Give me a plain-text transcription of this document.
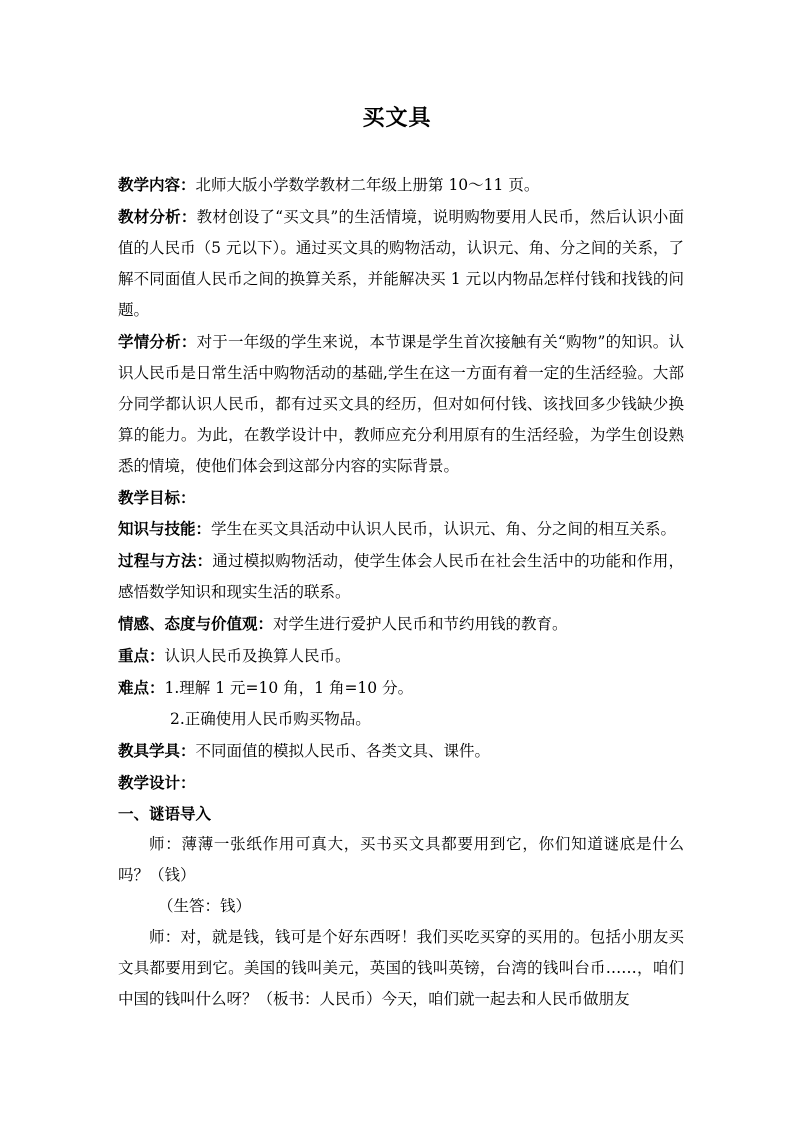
买文具

教学内容：北师大版小学数学教材二年级上册第 10～11 页。

教材分析：教材创设了“买文具”的生活情境，说明购物要用人民币，然后认识小面值的人民币（5 元以下）。通过买文具的购物活动，认识元、角、分之间的关系，了解不同面值人民币之间的换算关系，并能解决买 1 元以内物品怎样付钱和找钱的问题。

学情分析：对于一年级的学生来说，本节课是学生首次接触有关“购物”的知识。认识人民币是日常生活中购物活动的基础,学生在这一方面有着一定的生活经验。大部分同学都认识人民币，都有过买文具的经历，但对如何付钱、该找回多少钱缺少换算的能力。为此，在教学设计中，教师应充分利用原有的生活经验，为学生创设熟悉的情境，使他们体会到这部分内容的实际背景。

教学目标：

知识与技能：学生在买文具活动中认识人民币，认识元、角、分之间的相互关系。

过程与方法：通过模拟购物活动，使学生体会人民币在社会生活中的功能和作用，感悟数学知识和现实生活的联系。

情感、态度与价值观：对学生进行爱护人民币和节约用钱的教育。

重点：认识人民币及换算人民币。

难点：1.理解 1 元=10 角，1 角=10 分。

2.正确使用人民币购买物品。

教具学具：不同面值的模拟人民币、各类文具、课件。

教学设计：

一、谜语导入

师：薄薄一张纸作用可真大，买书买文具都要用到它，你们知道谜底是什么吗？（钱）

（生答：钱）

师：对，就是钱，钱可是个好东西呀！我们买吃买穿的买用的。包括小朋友买文具都要用到它。美国的钱叫美元，英国的钱叫英镑，台湾的钱叫台币……，咱们中国的钱叫什么呀？（板书：人民币）今天，咱们就一起去和人民币做朋友
